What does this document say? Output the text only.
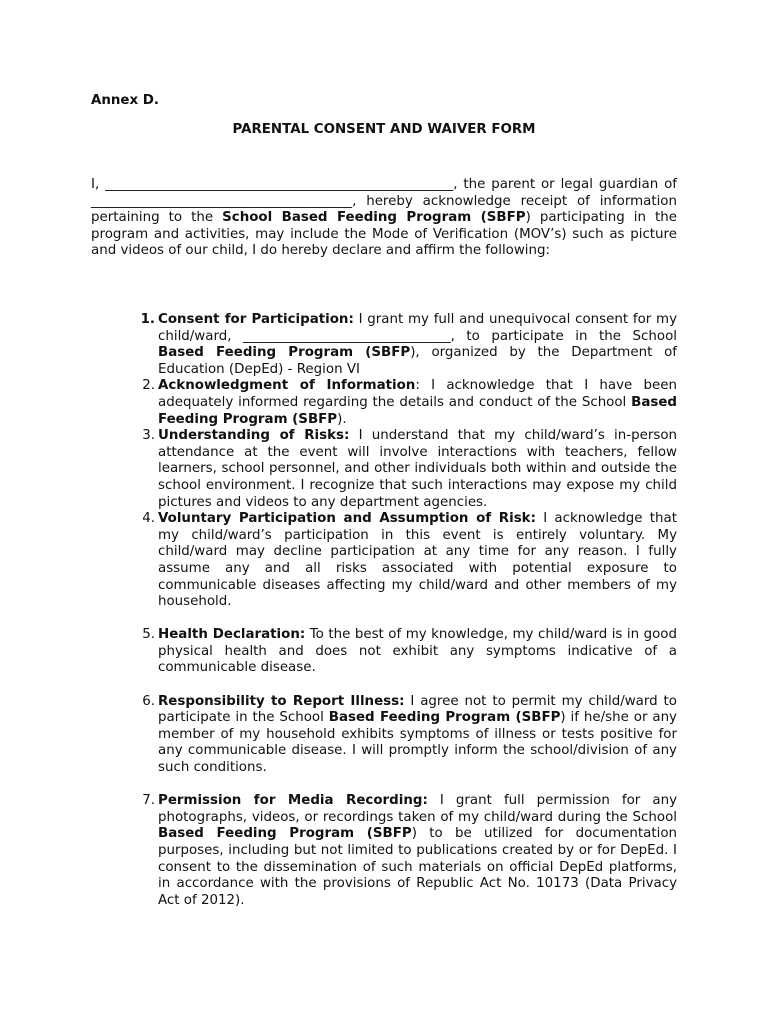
Annex D.

PARENTAL CONSENT AND WAIVER FORM

I, ____________________________________________________, the parent or legal guardian of _______________________________________, hereby acknowledge receipt of information pertaining to the School Based Feeding Program (SBFP) participating in the program and activities, may include the Mode of Verification (MOV’s) such as picture and videos of our child, I do hereby declare and affirm the following:

1. Consent for Participation: I grant my full and unequivocal consent for my child/ward, _______________________________, to participate in the School Based Feeding Program (SBFP), organized by the Department of Education (DepEd) - Region VI
2. Acknowledgment of Information: I acknowledge that I have been adequately informed regarding the details and conduct of the School Based Feeding Program (SBFP).
3. Understanding of Risks: I understand that my child/ward’s in-person attendance at the event will involve interactions with teachers, fellow learners, school personnel, and other individuals both within and outside the school environment. I recognize that such interactions may expose my child pictures and videos to any department agencies.
4. Voluntary Participation and Assumption of Risk: I acknowledge that my child/ward’s participation in this event is entirely voluntary. My child/ward may decline participation at any time for any reason. I fully assume any and all risks associated with potential exposure to communicable diseases affecting my child/ward and other members of my household.
5. Health Declaration: To the best of my knowledge, my child/ward is in good physical health and does not exhibit any symptoms indicative of a communicable disease.
6. Responsibility to Report Illness: I agree not to permit my child/ward to participate in the School Based Feeding Program (SBFP) if he/she or any member of my household exhibits symptoms of illness or tests positive for any communicable disease. I will promptly inform the school/division of any such conditions.
7. Permission for Media Recording: I grant full permission for any photographs, videos, or recordings taken of my child/ward during the School Based Feeding Program (SBFP) to be utilized for documentation purposes, including but not limited to publications created by or for DepEd. I consent to the dissemination of such materials on official DepEd platforms, in accordance with the provisions of Republic Act No. 10173 (Data Privacy Act of 2012).
